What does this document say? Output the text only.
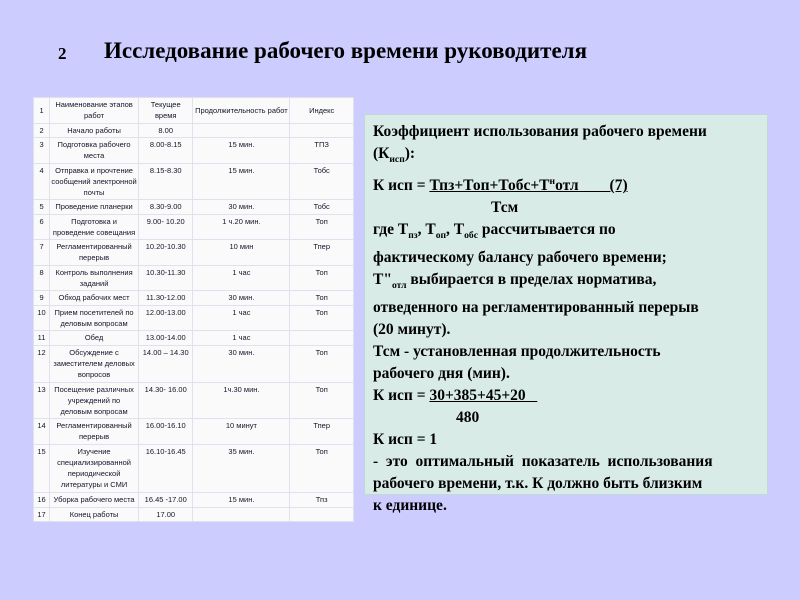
2 Исследование рабочего времени руководителя
1	Наименование этапов работ	Текущее время	Продолжительность работ	Индекс
2	Начало работы	8.00		
3	Подготовка рабочего места	8.00-8.15	15 мин.	ТПЗ
4	Отправка и прочтение сообщений электронной почты	8.15-8.30	15 мин.	Тобс
5	Проведение планерки	8.30-9.00	30 мин.	Тобс
6	Подготовка и проведение совещания	9.00- 10.20	1 ч.20 мин.	Топ
7	Регламентированный перерыв	10.20-10.30	10 мин	Тпер
8	Контроль выполнения заданий	10.30-11.30	1 час	Топ
9	Обход рабочих мест	11.30-12.00	30 мин.	Топ
10	Прием посетителей по деловым вопросам	12.00-13.00	1 час	Топ
11	Обед	13.00-14.00	1 час	
12	Обсуждение с заместителем деловых вопросов	14.00 – 14.30	30 мин.	Топ
13	Посещение различных учреждений по деловым вопросам	14.30- 16.00	1ч.30 мин.	Топ
14	Регламентированный перерыв	16.00-16.10	10 минут	Тпер
15	Изучение специализированной периодической литературы и СМИ	16.10-16.45	35 мин.	Топ
16	Уборка рабочего места	16.45 -17.00	15 мин.	Тпз
17	Конец работы	17.00		
Коэффициент использования рабочего времени
$(К_{исп})$:
К исп = $Тпз+Топ+Тобс+Т^нотл$        (7)
Тсм
где $Т_{пз}$, $Т_{оп}$, $Т_{обс}$ рассчитывается по
фактическому балансу рабочего времени;
$Т"_{отл}$ выбирается в пределах норматива,
отведенного на регламентированный перерыв
(20 минут).
Тсм - установленная продолжительность
рабочего дня (мин).
К исп = 30+385+45+20
480
К исп = 1
-  это  оптимальный  показатель  использования
рабочего времени, т.к. К должно быть близким
к единице.
